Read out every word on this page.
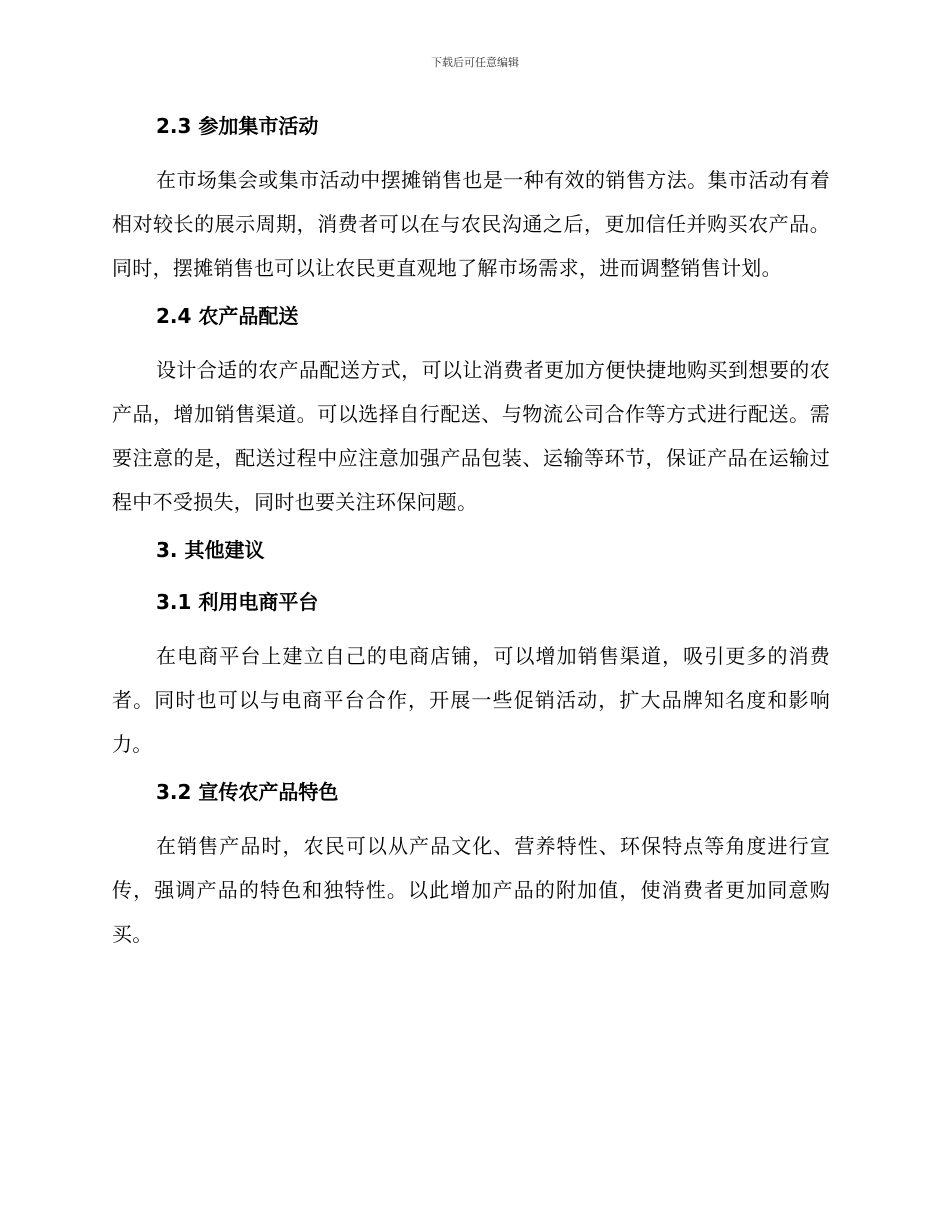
下载后可任意编辑
2.3 参加集市活动

在市场集会或集市活动中摆摊销售也是一种有效的销售方法。集市活动有着相对较长的展示周期，消费者可以在与农民沟通之后，更加信任并购买农产品。同时，摆摊销售也可以让农民更直观地了解市场需求，进而调整销售计划。

2.4 农产品配送

设计合适的农产品配送方式，可以让消费者更加方便快捷地购买到想要的农产品，增加销售渠道。可以选择自行配送、与物流公司合作等方式进行配送。需要注意的是，配送过程中应注意加强产品包装、运输等环节，保证产品在运输过程中不受损失，同时也要关注环保问题。

3. 其他建议
3.1 利用电商平台

在电商平台上建立自己的电商店铺，可以增加销售渠道，吸引更多的消费者。同时也可以与电商平台合作，开展一些促销活动，扩大品牌知名度和影响力。

3.2 宣传农产品特色

在销售产品时，农民可以从产品文化、营养特性、环保特点等角度进行宣传，强调产品的特色和独特性。以此增加产品的附加值，使消费者更加同意购买。
